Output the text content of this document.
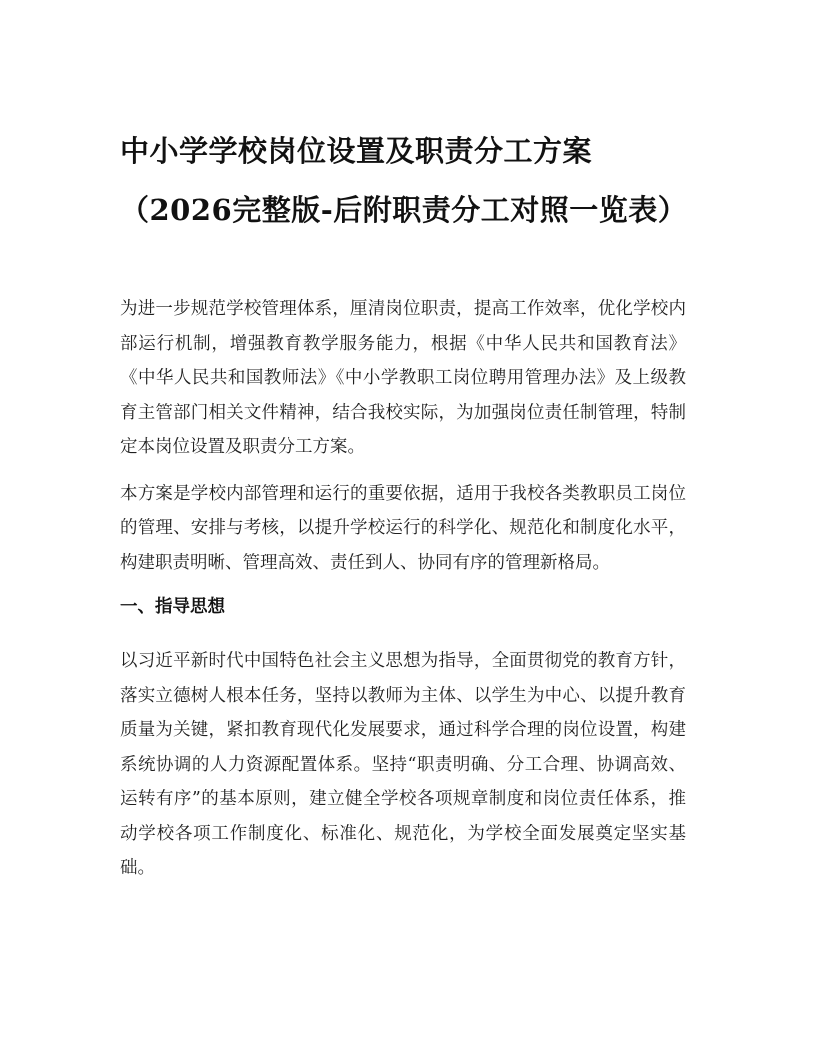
中小学学校岗位设置及职责分工方案（2026完整版-后附职责分工对照一览表）

为进一步规范学校管理体系，厘清岗位职责，提高工作效率，优化学校内部运行机制，增强教育教学服务能力，根据《中华人民共和国教育法》《中华人民共和国教师法》《中小学教职工岗位聘用管理办法》及上级教育主管部门相关文件精神，结合我校实际，为加强岗位责任制管理，特制定本岗位设置及职责分工方案。

本方案是学校内部管理和运行的重要依据，适用于我校各类教职员工岗位的管理、安排与考核，以提升学校运行的科学化、规范化和制度化水平，构建职责明晰、管理高效、责任到人、协同有序的管理新格局。

一、指导思想

以习近平新时代中国特色社会主义思想为指导，全面贯彻党的教育方针，落实立德树人根本任务，坚持以教师为主体、以学生为中心、以提升教育质量为关键，紧扣教育现代化发展要求，通过科学合理的岗位设置，构建系统协调的人力资源配置体系。坚持“职责明确、分工合理、协调高效、运转有序”的基本原则，建立健全学校各项规章制度和岗位责任体系，推动学校各项工作制度化、标准化、规范化，为学校全面发展奠定坚实基础。
